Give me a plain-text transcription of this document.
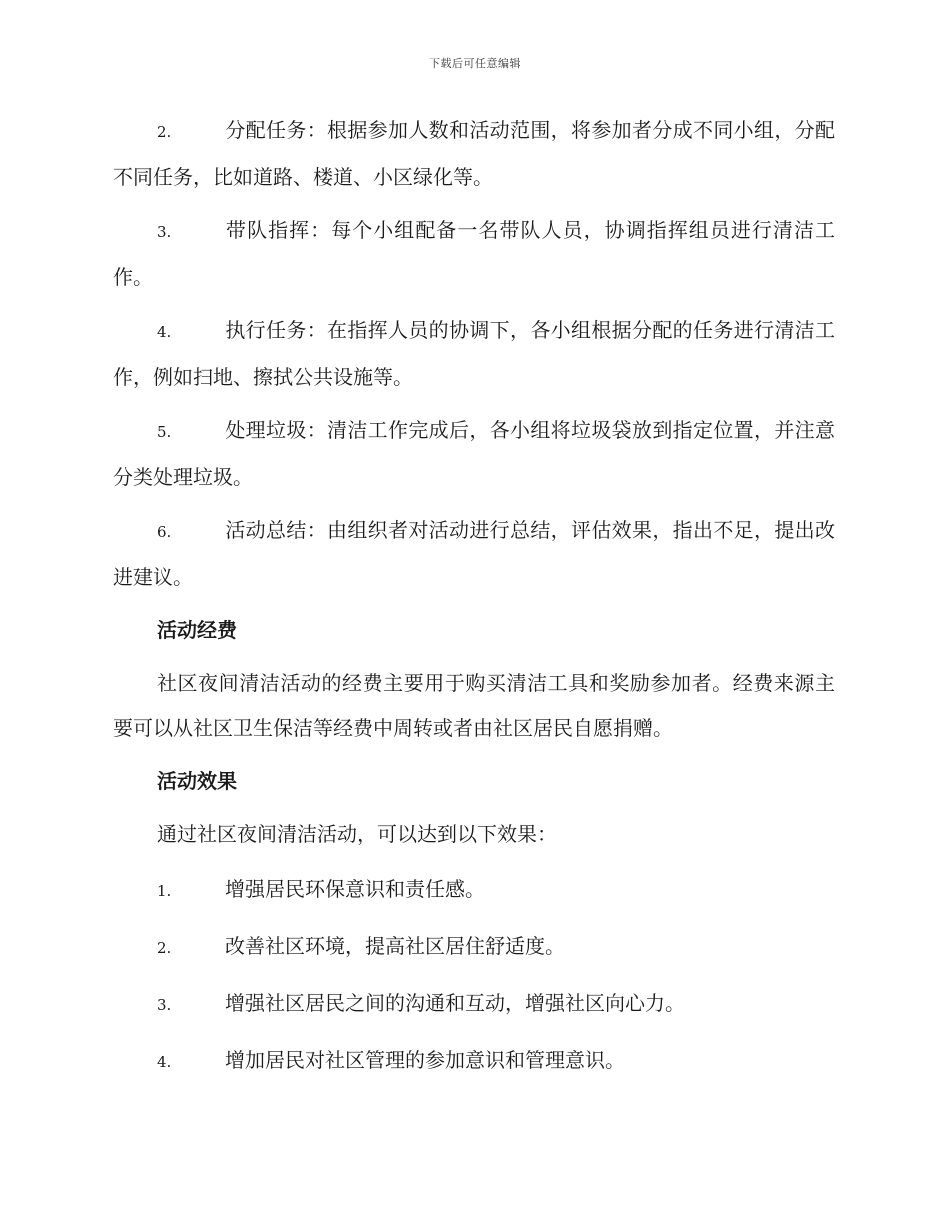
下载后可任意编辑

2.	分配任务：根据参加人数和活动范围，将参加者分成不同小组，分配不同任务，比如道路、楼道、小区绿化等。

3.	带队指挥：每个小组配备一名带队人员，协调指挥组员进行清洁工作。

4.	执行任务：在指挥人员的协调下，各小组根据分配的任务进行清洁工作，例如扫地、擦拭公共设施等。

5.	处理垃圾：清洁工作完成后，各小组将垃圾袋放到指定位置，并注意分类处理垃圾。

6.	活动总结：由组织者对活动进行总结，评估效果，指出不足，提出改进建议。

活动经费

社区夜间清洁活动的经费主要用于购买清洁工具和奖励参加者。经费来源主要可以从社区卫生保洁等经费中周转或者由社区居民自愿捐赠。

活动效果

通过社区夜间清洁活动，可以达到以下效果：

1.	增强居民环保意识和责任感。

2.	改善社区环境，提高社区居住舒适度。

3.	增强社区居民之间的沟通和互动，增强社区向心力。

4.	增加居民对社区管理的参加意识和管理意识。
